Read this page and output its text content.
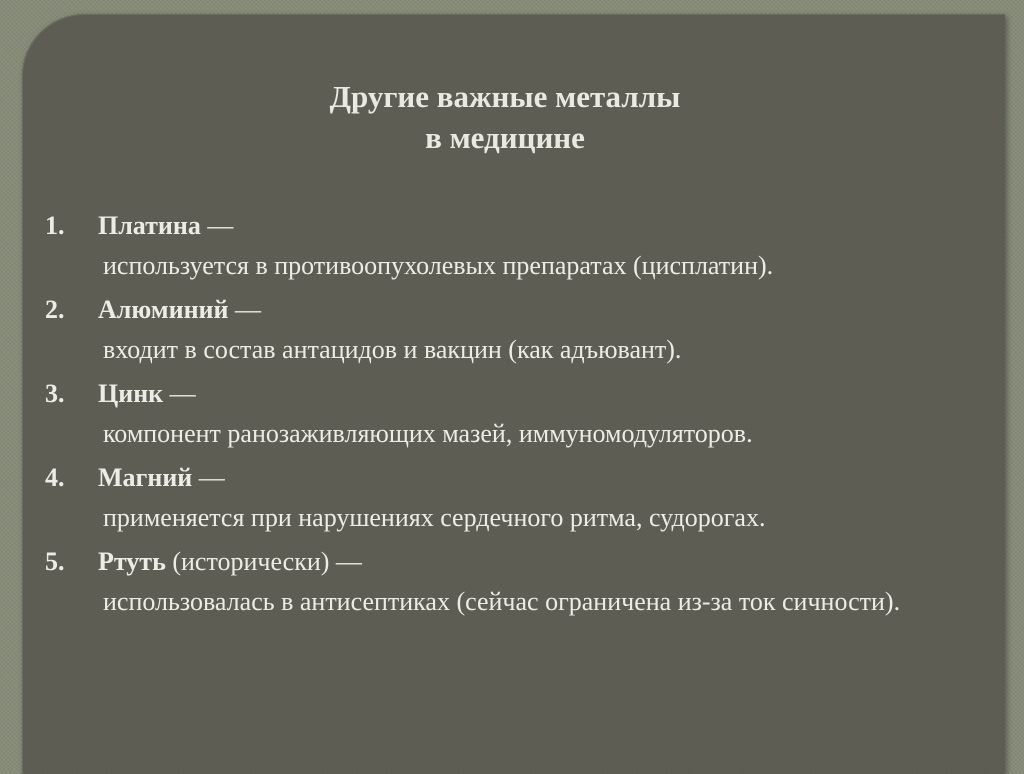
Другие важные металлы
в медицине
1. Платина —
используется в противоопухолевых препаратах (цисплатин).
2. Алюминий —
входит в состав антацидов и вакцин (как адъювант).
3. Цинк —
компонент ранозаживляющих мазей, иммуномодуляторов.
4. Магний —
применяется при нарушениях сердечного ритма, судорогах.
5. Ртуть (исторически) —
использовалась в антисептиках (сейчас ограничена из-за ток сичности).
